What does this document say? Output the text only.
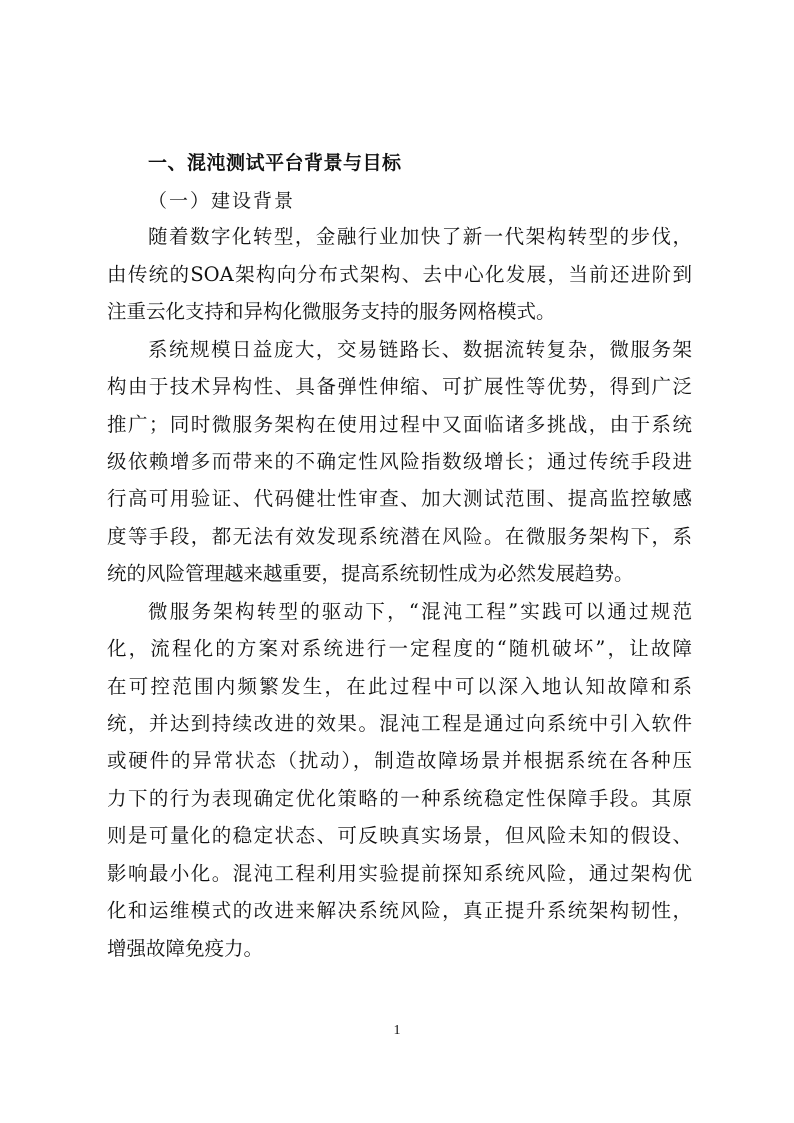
一、混沌测试平台背景与目标
（一）建设背景
随着数字化转型，金融行业加快了新一代架构转型的步伐，
由传统的SOA架构向分布式架构、去中心化发展，当前还进阶到
注重云化支持和异构化微服务支持的服务网格模式。
系统规模日益庞大，交易链路长、数据流转复杂，微服务架
构由于技术异构性、具备弹性伸缩、可扩展性等优势，得到广泛
推广；同时微服务架构在使用过程中又面临诸多挑战，由于系统
级依赖增多而带来的不确定性风险指数级增长；通过传统手段进
行高可用验证、代码健壮性审查、加大测试范围、提高监控敏感
度等手段，都无法有效发现系统潜在风险。在微服务架构下，系
统的风险管理越来越重要，提高系统韧性成为必然发展趋势。
微服务架构转型的驱动下，“混沌工程”实践可以通过规范
化，流程化的方案对系统进行一定程度的“随机破坏”，让故障
在可控范围内频繁发生，在此过程中可以深入地认知故障和系
统，并达到持续改进的效果。混沌工程是通过向系统中引入软件
或硬件的异常状态（扰动），制造故障场景并根据系统在各种压
力下的行为表现确定优化策略的一种系统稳定性保障手段。其原
则是可量化的稳定状态、可反映真实场景，但风险未知的假设、
影响最小化。混沌工程利用实验提前探知系统风险，通过架构优
化和运维模式的改进来解决系统风险，真正提升系统架构韧性，
增强故障免疫力。
1
